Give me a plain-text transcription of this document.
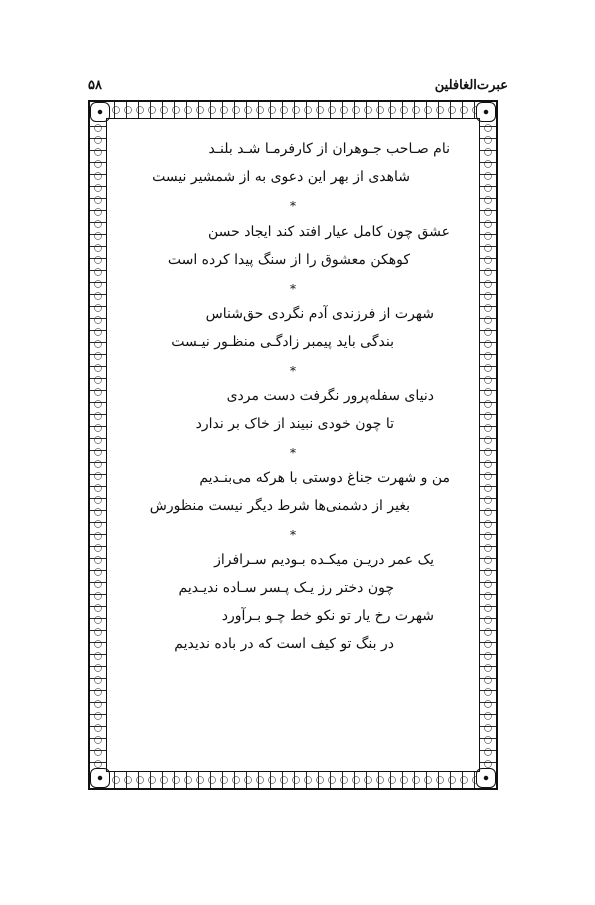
۵۸	عبرت‌الغافلین
نام صـاحب جـوهران از کارفرمـا شـد بلنـد
شاهدی از بهر این دعوی به از شمشیر نیست
*
عشق چون کامل عیار افتد کند ایجاد حسن
کوهکن معشوق را از سنگ پیدا کرده است
*
شهرت از فرزندی آدم نگردی حق‌شناس
بندگی باید پیمبر زادگـی منظـور نیـست
*
دنیای سفله‌پرور نگرفت دست مردی
تا چون خودی نبیند از خاک بر ندارد
*
من و شهرت جناغ دوستی با هرکه می‌بنـدیم
بغیر از دشمنی‌ها شرط دیگر نیست منظورش
*
یک عمر دریـن میکـده بـودیم سـرافراز
چون دختر رز یـک پـسر سـاده ندیـدیم
شهرت رخ یار تو نکو خط چـو بـرآورد
در بنگ تو کیف است که در باده ندیدیم
